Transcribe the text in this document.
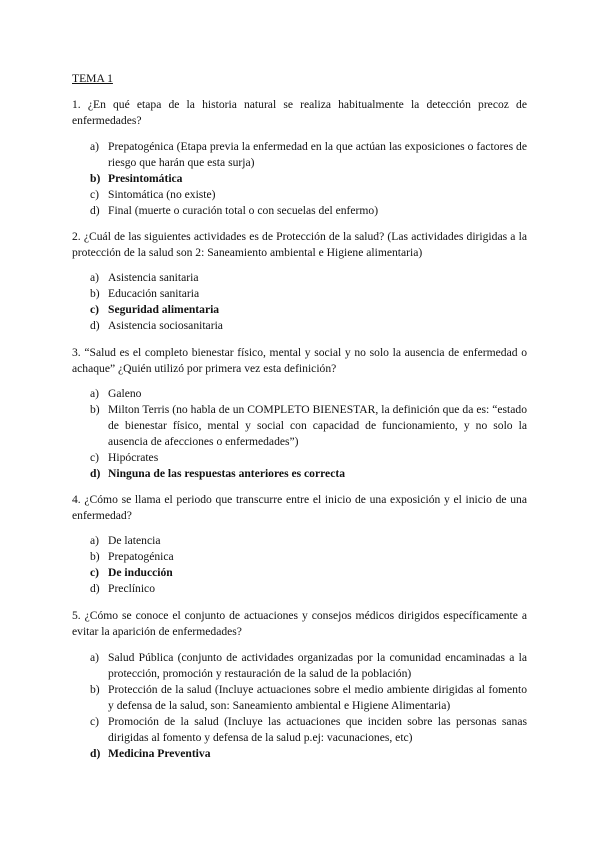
TEMA 1
1. ¿En qué etapa de la historia natural se realiza habitualmente la detección precoz de enfermedades?
a) Prepatogénica (Etapa previa la enfermedad en la que actúan las exposiciones o factores de riesgo que harán que esta surja)
b) Presintomática
c) Sintomática (no existe)
d) Final (muerte o curación total o con secuelas del enfermo)
2. ¿Cuál de las siguientes actividades es de Protección de la salud? (Las actividades dirigidas a la protección de la salud son 2: Saneamiento ambiental e Higiene alimentaria)
a) Asistencia sanitaria
b) Educación sanitaria
c) Seguridad alimentaria
d) Asistencia sociosanitaria
3. “Salud es el completo bienestar físico, mental y social y no solo la ausencia de enfermedad o achaque” ¿Quién utilizó por primera vez esta definición?
a) Galeno
b) Milton Terris (no habla de un COMPLETO BIENESTAR, la definición que da es: “estado de bienestar físico, mental y social con capacidad de funcionamiento, y no solo la ausencia de afecciones o enfermedades”)
c) Hipócrates
d) Ninguna de las respuestas anteriores es correcta
4. ¿Cómo se llama el periodo que transcurre entre el inicio de una exposición y el inicio de una enfermedad?
a) De latencia
b) Prepatogénica
c) De inducción
d) Preclínico
5. ¿Cómo se conoce el conjunto de actuaciones y consejos médicos dirigidos específicamente a evitar la aparición de enfermedades?
a) Salud Pública (conjunto de actividades organizadas por la comunidad encaminadas a la protección, promoción y restauración de la salud de la población)
b) Protección de la salud (Incluye actuaciones sobre el medio ambiente dirigidas al fomento y defensa de la salud, son: Saneamiento ambiental e Higiene Alimentaria)
c) Promoción de la salud (Incluye las actuaciones que inciden sobre las personas sanas dirigidas al fomento y defensa de la salud p.ej: vacunaciones, etc)
d) Medicina Preventiva
